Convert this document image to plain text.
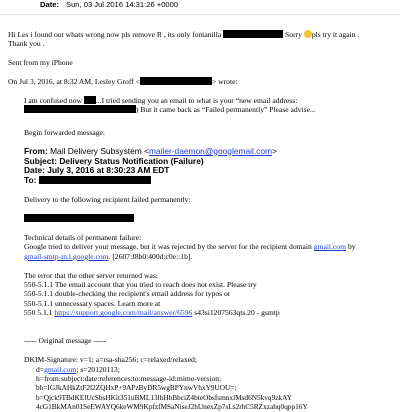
Date: Sun, 03 Jul 2016 14:31:26 +0000

Hi Les i found out whats wrong now pls remove R , its only fontanilla	Sorry pls try it again .

Thank you .

Sent from my iPhone

On Jul 3, 2016, at 8:32 AM, Lesley Groff <	> wrote:

I am confused now ...I tried sending you an email to what is your “new email address:

) But it came back as “Failed permanently” Please advise...

Begin forwarded message:

From: Mail Delivery Subsystem <mailer-daemon@googlemail.com>

Subject: Delivery Status Notification (Failure)

Date: July 3, 2016 at 8:30:23 AM EDT

To:

Delivery to the following recipient failed permanently:

Technical details of permanent failure:

Google tried to deliver your message, but it was rejected by the server for the recipient domain gmail.com by

gmail-smtp-in.l.google.com. [2607:f8b0:400d:c0e::1b].

The error that the other server returned was:

550-5.1.1 The email account that you tried to reach does not exist. Please try

550-5.1.1 double-checking the recipient's email address for typos or

550-5.1.1 unnecessary spaces. Learn more at

550 5.1.1 https://support.google.com/mail/answer/6596 s43si1207563qts.20 - gsmtp

----- Original message -----

DKIM-Signature: v=1; a=rsa-sha256; c=relaxed/relaxed;

d=gmail.com; s=20120113;

h=from:subject:date:references:to:message-id:mime-version;

bh=IGJkAHkZtF2l2ZQHxP+9APzByDR5wgBPYnwVhxY9UOU=;

b=Qjck9TBdKElUcSbsHKit351uBML13lhHbBbciZ4bteObsfsmnxlMsd6N5kvq9zkAY

4cG1BkMAn01SeEWAYQ6keWM9KpfzfMSaNiseJ2hUnexZp7sLs2rhC5RZxzahq0qpp16Y
